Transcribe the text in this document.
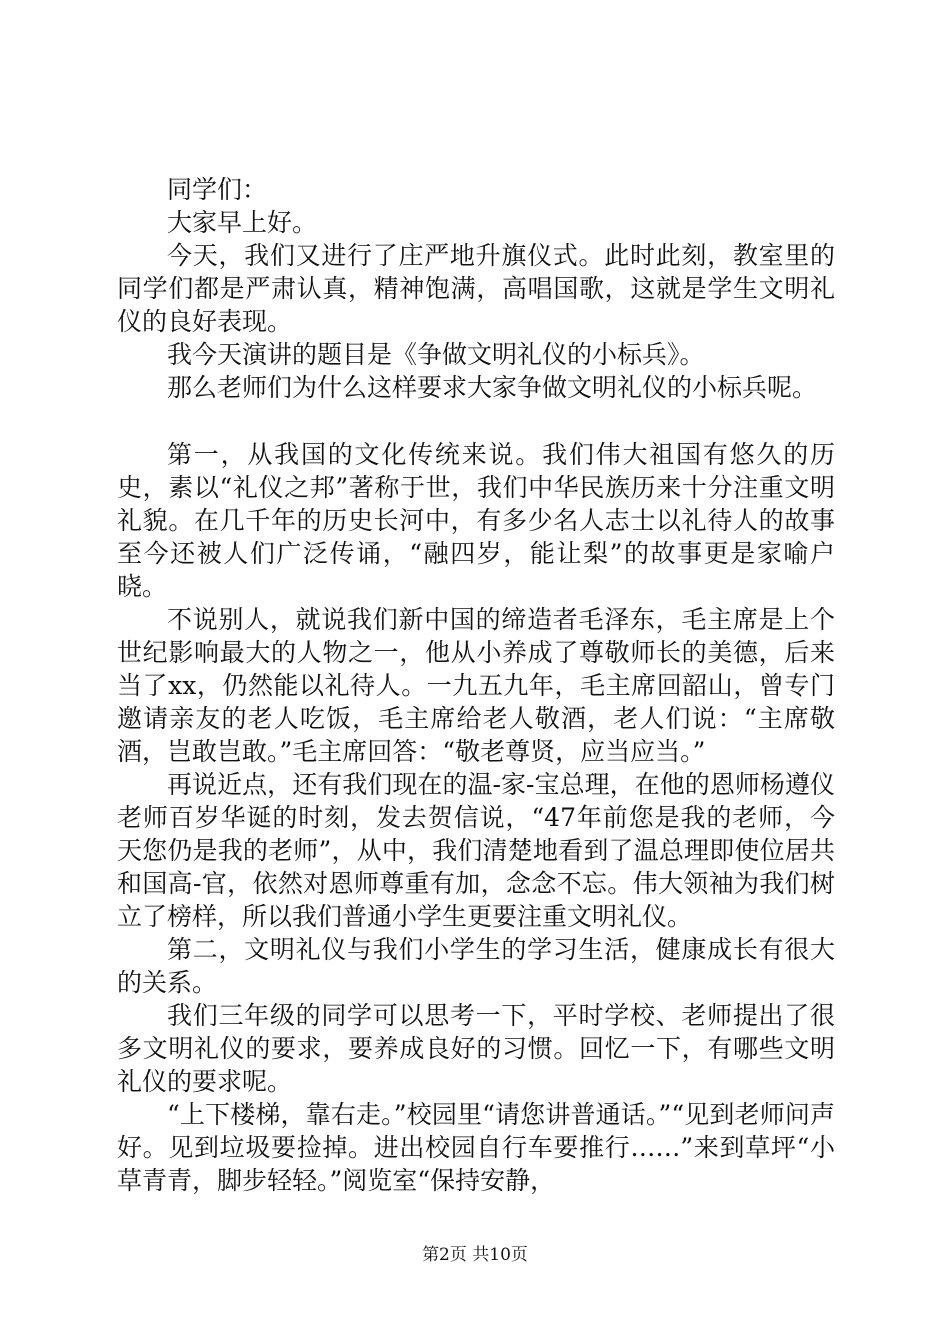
同学们：

大家早上好。

今天，我们又进行了庄严地升旗仪式。此时此刻，教室里的同学们都是严肃认真，精神饱满，高唱国歌，这就是学生文明礼仪的良好表现。

我今天演讲的题目是《争做文明礼仪的小标兵》。

那么老师们为什么这样要求大家争做文明礼仪的小标兵呢。

第一，从我国的文化传统来说。我们伟大祖国有悠久的历史，素以“礼仪之邦”著称于世，我们中华民族历来十分注重文明礼貌。在几千年的历史长河中，有多少名人志士以礼待人的故事至今还被人们广泛传诵，“融四岁，能让梨”的故事更是家喻户晓。

不说别人，就说我们新中国的缔造者毛泽东，毛主席是上个世纪影响最大的人物之一，他从小养成了尊敬师长的美德，后来当了xx，仍然能以礼待人。一九五九年，毛主席回韶山，曾专门邀请亲友的老人吃饭，毛主席给老人敬酒，老人们说：“主席敬酒，岂敢岂敢。”毛主席回答：“敬老尊贤，应当应当。”

再说近点，还有我们现在的温-家-宝总理，在他的恩师杨遵仪老师百岁华诞的时刻，发去贺信说，“47年前您是我的老师，今天您仍是我的老师”，从中，我们清楚地看到了温总理即使位居共和国高-官，依然对恩师尊重有加，念念不忘。伟大领袖为我们树立了榜样，所以我们普通小学生更要注重文明礼仪。

第二，文明礼仪与我们小学生的学习生活，健康成长有很大的关系。

我们三年级的同学可以思考一下，平时学校、老师提出了很多文明礼仪的要求，要养成良好的习惯。回忆一下，有哪些文明礼仪的要求呢。

“上下楼梯，靠右走。”校园里“请您讲普通话。”“见到老师问声好。见到垃圾要捡掉。进出校园自行车要推行……”来到草坪“小草青青，脚步轻轻。”阅览室“保持安静，

第2页 共10页
